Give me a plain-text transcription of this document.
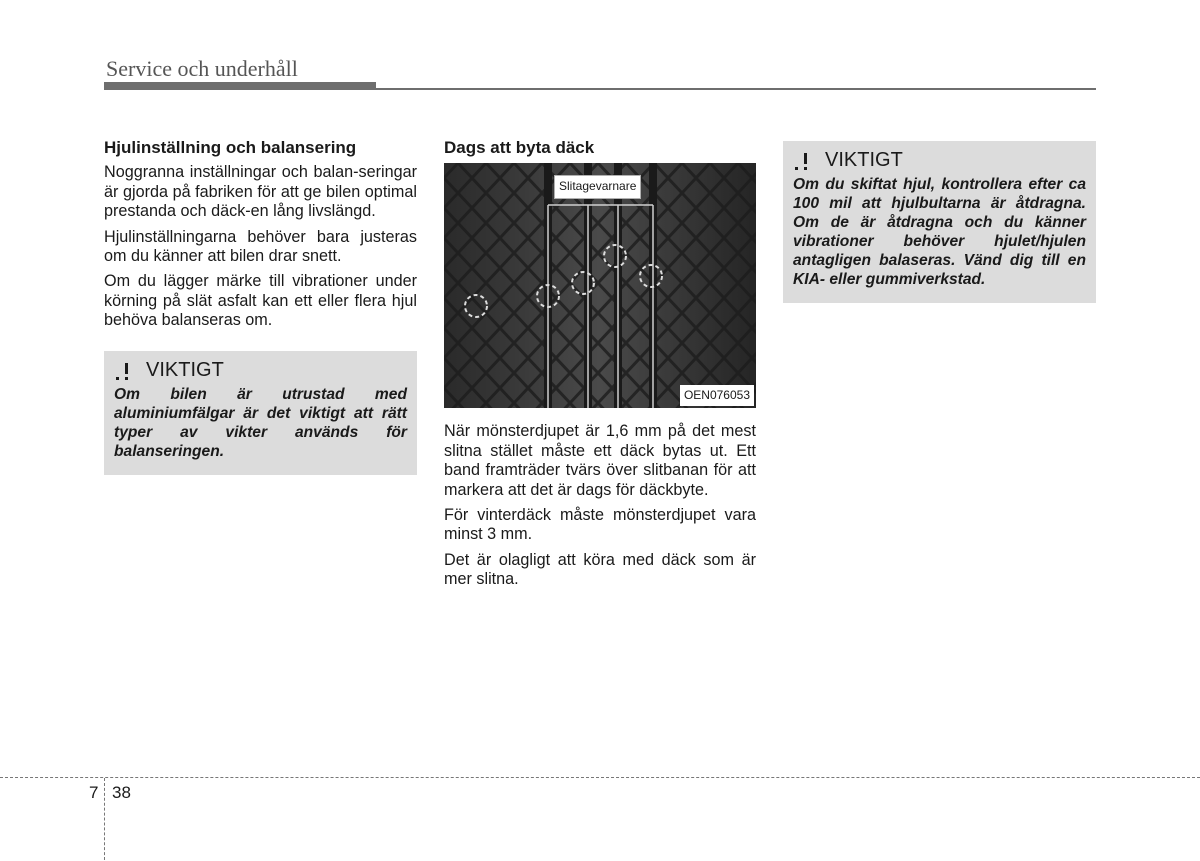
Service och underhåll
Hjulinställning och balansering
Noggranna inställningar och balan-seringar är gjorda på fabriken för att ge bilen optimal prestanda och däck-en lång livslängd.
Hjulinställningarna behöver bara justeras om du känner att bilen drar snett.
Om du lägger märke till vibrationer under körning på slät asfalt kan ett eller flera hjul behöva balanseras om.
VIKTIGT
Om bilen är utrustad med aluminiumfälgar är det viktigt att rätt typer av vikter används för balanseringen.
Dags att byta däck
Slitagevarnare
OEN076053
När mönsterdjupet är 1,6 mm på det mest slitna stället måste ett däck bytas ut. Ett band framträder tvärs över slitbanan för att markera att det är dags för däckbyte.
För vinterdäck måste mönsterdjupet vara minst 3 mm.
Det är olagligt att köra med däck som är mer slitna.
VIKTIGT
Om du skiftat hjul, kontrollera efter ca 100 mil att hjulbultarna är åtdragna. Om de är åtdragna och du känner vibrationer behöver hjulet/hjulen antagligen balaseras. Vänd dig till en KIA- eller gummiverkstad.
7 38
